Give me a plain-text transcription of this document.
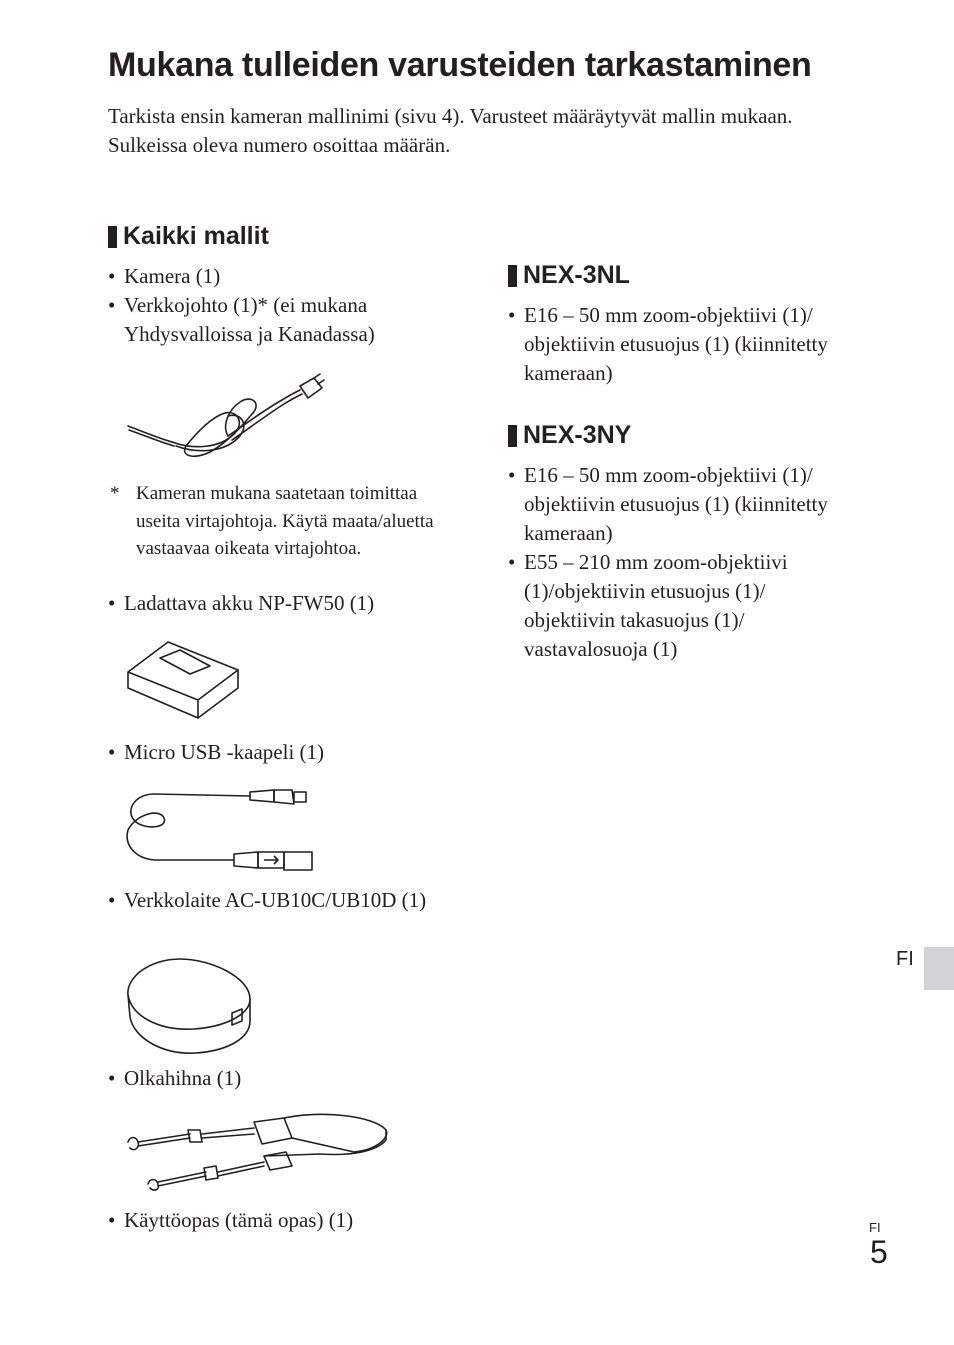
Mukana tulleiden varusteiden tarkastaminen

Tarkista ensin kameran mallinimi (sivu 4). Varusteet määräytyvät mallin mukaan.

Sulkeissa oleva numero osoittaa määrän.

Kaikki mallit
• Kamera (1)
• Verkkojohto (1)* (ei mukana Yhdysvalloissa ja Kanadassa)
* Kameran mukana saatetaan toimittaa useita virtajohtoja. Käytä maata/aluetta vastaavaa oikeata virtajohtoa.
• Ladattava akku NP-FW50 (1)
• Micro USB -kaapeli (1)
• Verkkolaite AC-UB10C/UB10D (1)
• Olkahihna (1)
• Käyttöopas (tämä opas) (1)
NEX-3NL
• E16 – 50 mm zoom-objektiivi (1)/ objektiivin etusuojus (1) (kiinnitetty kameraan)
NEX-3NY
• E16 – 50 mm zoom-objektiivi (1)/ objektiivin etusuojus (1) (kiinnitetty kameraan)
• E55 – 210 mm zoom-objektiivi (1)/objektiivin etusuojus (1)/ objektiivin takasuojus (1)/ vastavalosuoja (1)
FI
FI
5
